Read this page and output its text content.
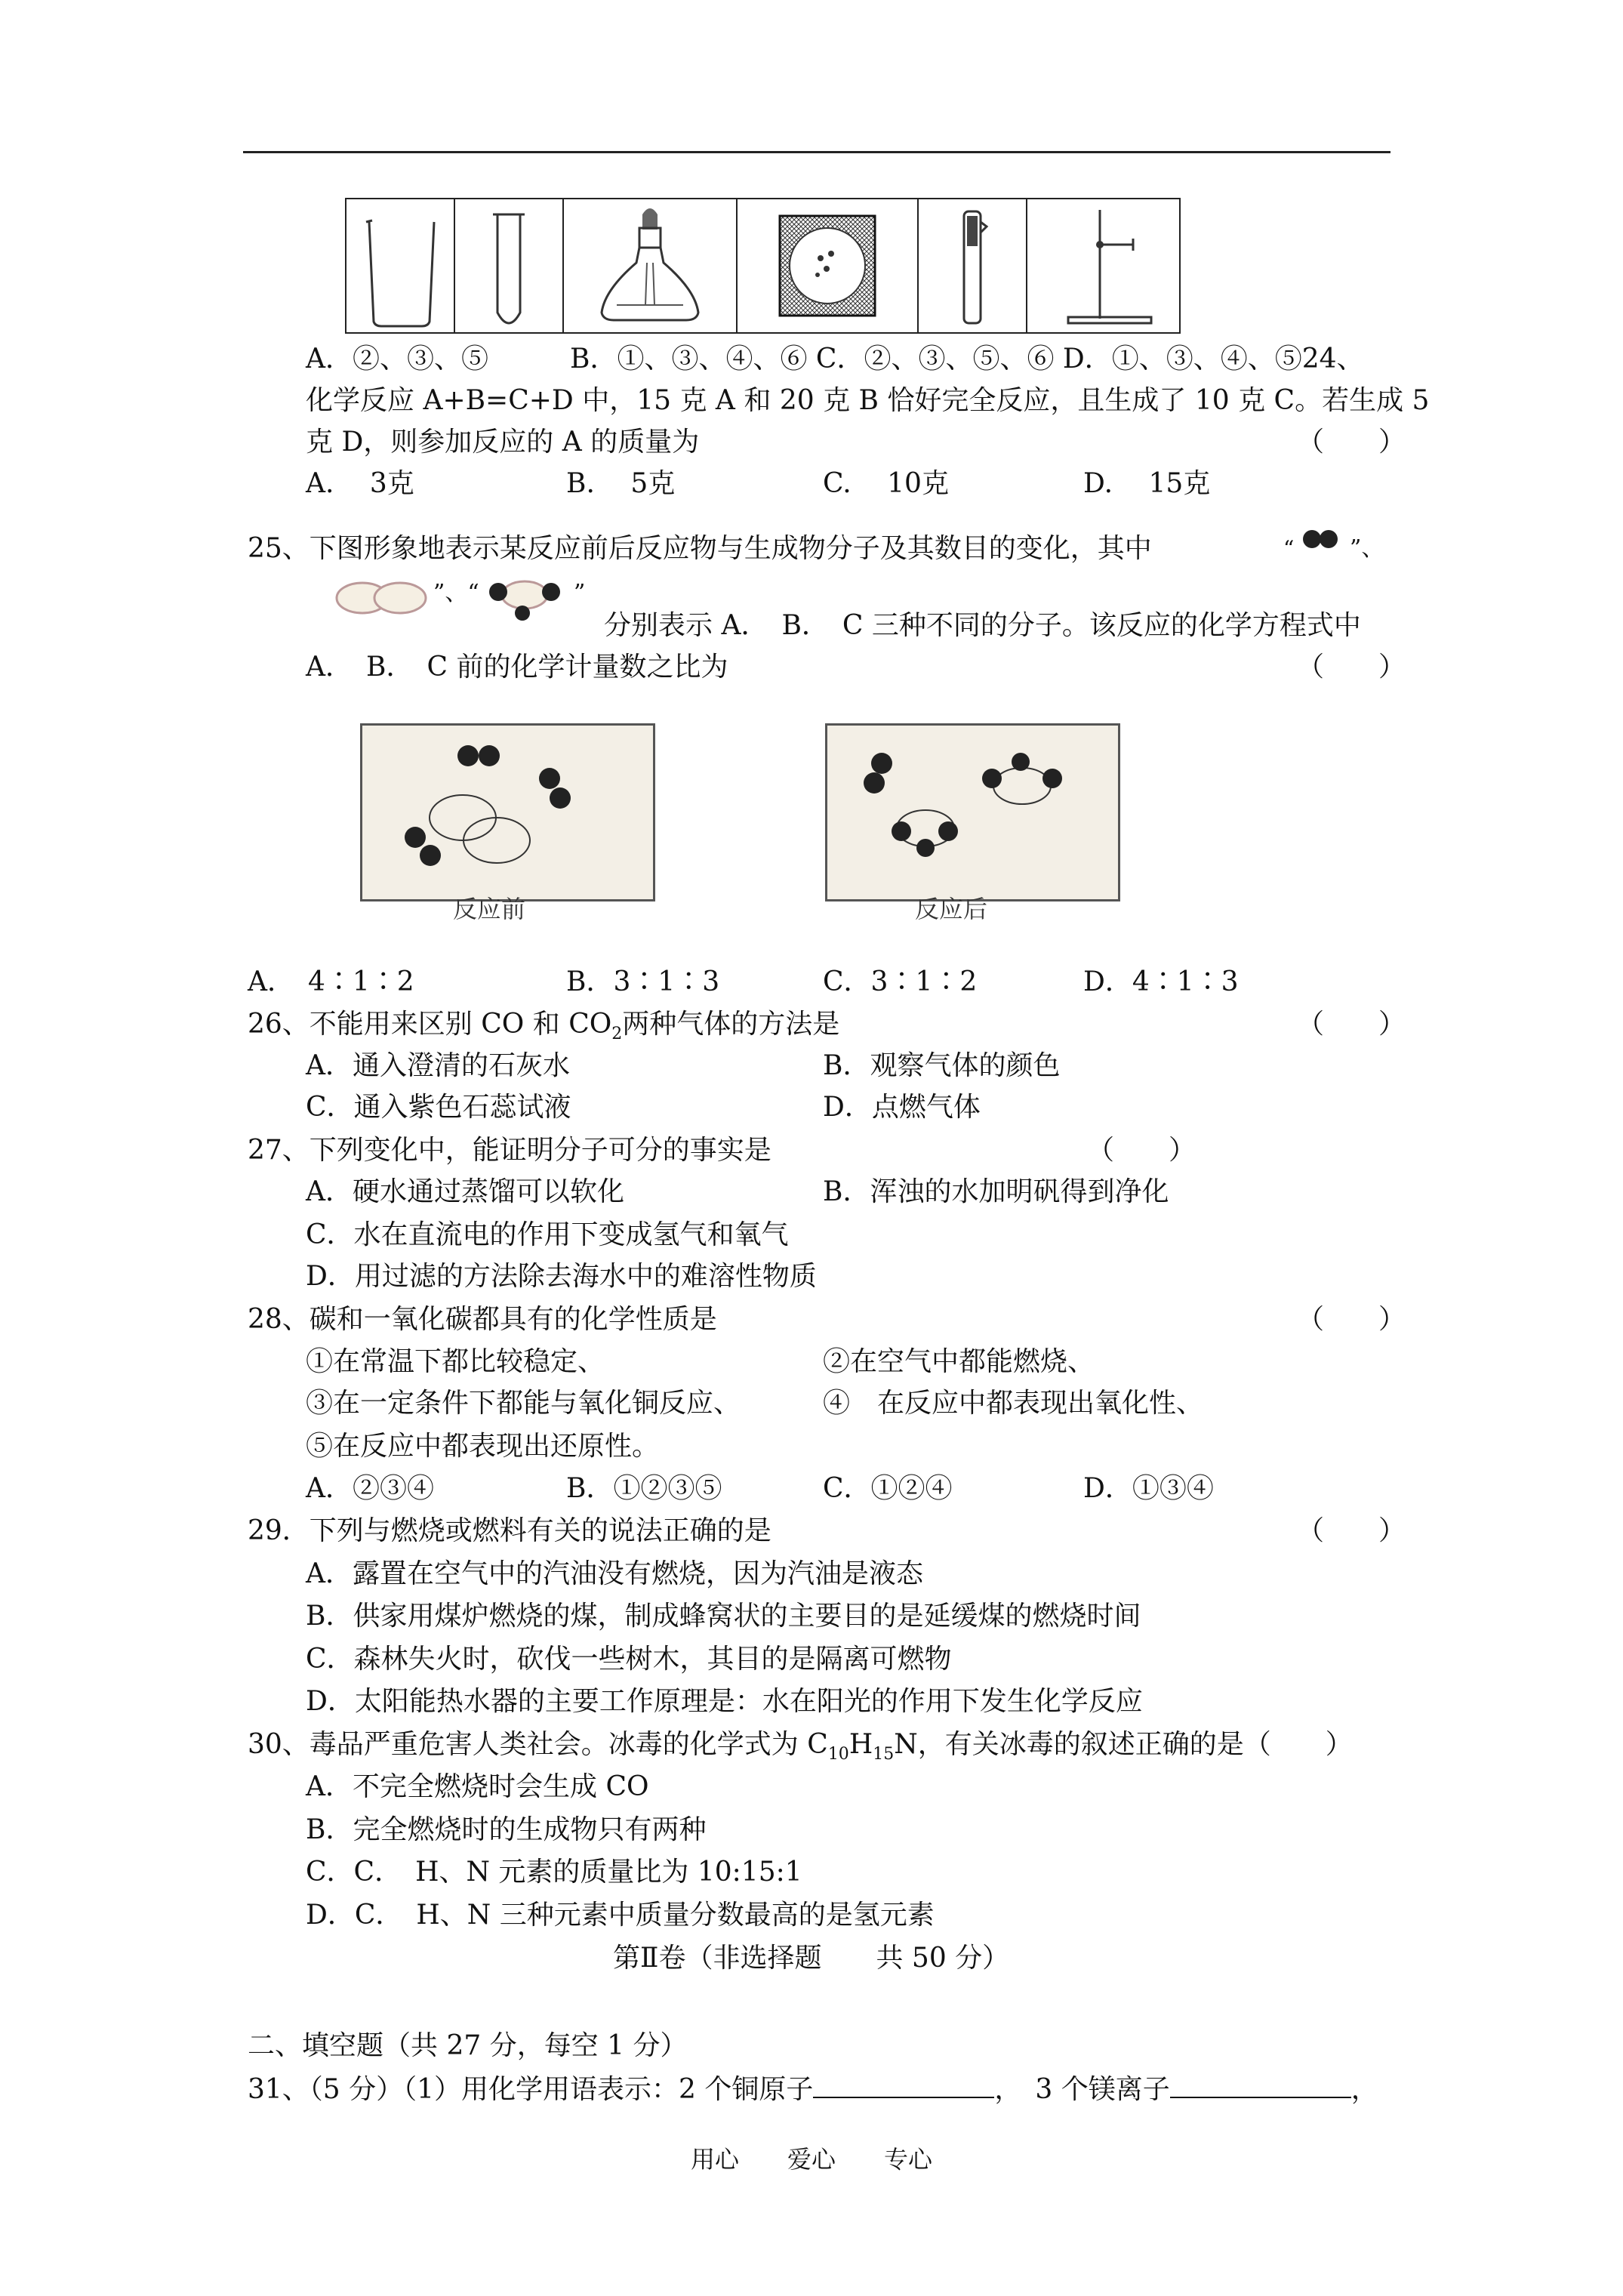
A．②、③、⑤　　　B．①、③、④、⑥ C．②、③、⑤、⑥ D．①、③、④、⑤24、
化学反应 A+B=C+D 中，15 克 A 和 20 克 B 恰好完全反应，且生成了 10 克 C。若生成 5
克 D，则参加反应的 A 的质量为	（　　）
A.　 3克	B.　 5克	C.　 10克	D.　 15克
25、下图形象地表示某反应前后反应物与生成物分子及其数目的变化，其中	“ ”、
”、“	”
分别表示 A．　B．　C 三种不同的分子。该反应的化学方程式中
A．　B．　C 前的化学计量数之比为	（　　）
反应前	反应后
A．　4∶1∶2	B．3∶1∶3	C．3∶1∶2	D．4∶1∶3
26、不能用来区别 CO 和 $CO_2$两种气体的方法是	（　　）
A．通入澄清的石灰水	B．观察气体的颜色
C．通入紫色石蕊试液	D．点燃气体
27、下列变化中，能证明分子可分的事实是	（　　）
A．硬水通过蒸馏可以软化	B．浑浊的水加明矾得到净化
C．水在直流电的作用下变成氢气和氧气
D．用过滤的方法除去海水中的难溶性物质
28、碳和一氧化碳都具有的化学性质是	（　　）
①在常温下都比较稳定、	②在空气中都能燃烧、
③在一定条件下都能与氧化铜反应、	④　在反应中都表现出氧化性、
⑤在反应中都表现出还原性。
A．②③④	B．①②③⑤	C．①②④	D．①③④
29．下列与燃烧或燃料有关的说法正确的是	（　　）
A．露置在空气中的汽油没有燃烧，因为汽油是液态
B．供家用煤炉燃烧的煤，制成蜂窝状的主要目的是延缓煤的燃烧时间
C．森林失火时，砍伐一些树木，其目的是隔离可燃物
D．太阳能热水器的主要工作原理是：水在阳光的作用下发生化学反应
30、毒品严重危害人类社会。冰毒的化学式为 $C_{10}H_{15}N$，有关冰毒的叙述正确的是（　　）
A．不完全燃烧时会生成 CO
B．完全燃烧时的生成物只有两种
C．C．　H、N 元素的质量比为 10:15:1
D．C．　H、N 三种元素中质量分数最高的是氢元素
第Ⅱ卷（非选择题　　共 50 分）
二、填空题（共 27 分，每空 1 分）
31、（5 分）（1）用化学用语表示：2 个铜原子	，　3 个镁离子	，
用心　　爱心　　专心
